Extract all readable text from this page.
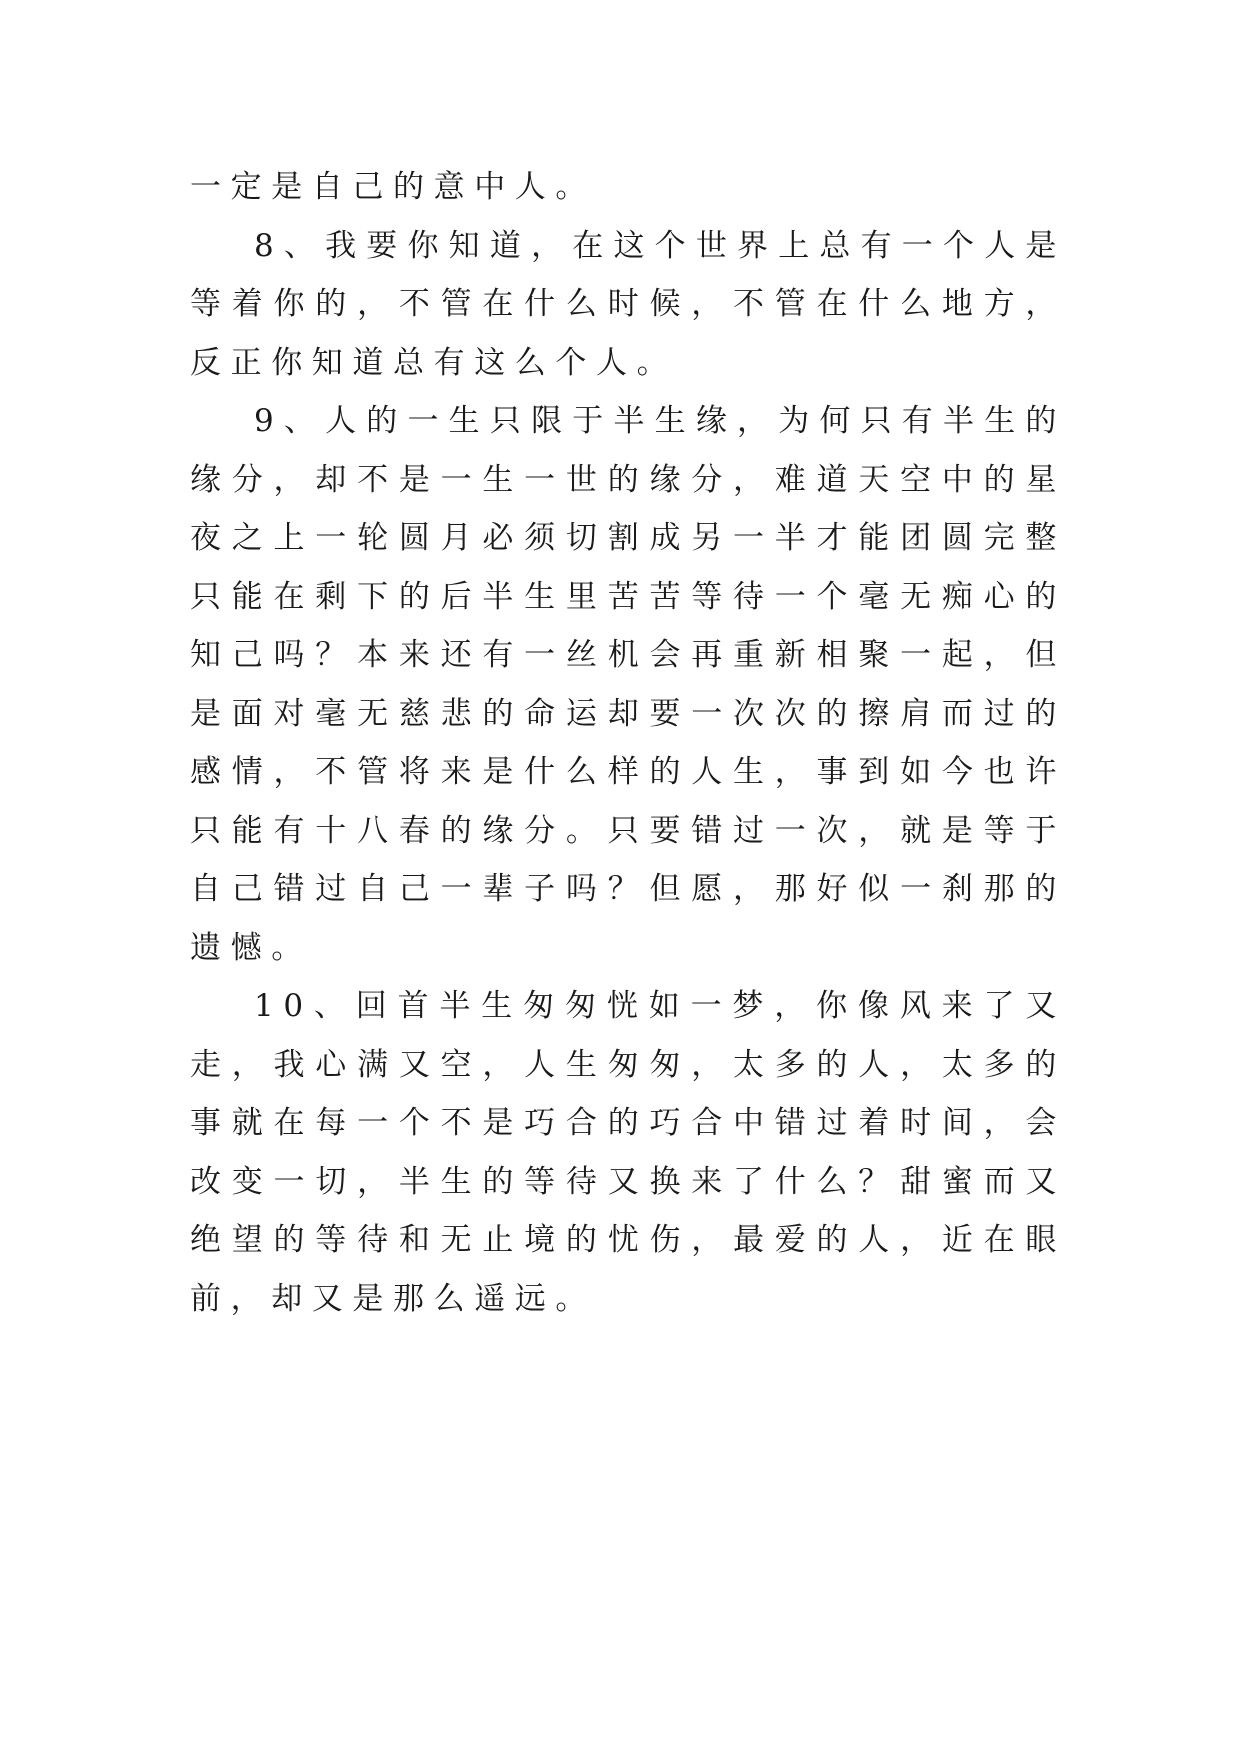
一定是自己的意中人。

8、我要你知道，在这个世界上总有一个人是等着你的，不管在什么时候，不管在什么地方，反正你知道总有这么个人。

9、人的一生只限于半生缘，为何只有半生的缘分，却不是一生一世的缘分，难道天空中的星夜之上一轮圆月必须切割成另一半才能团圆完整只能在剩下的后半生里苦苦等待一个毫无痴心的知己吗？本来还有一丝机会再重新相聚一起，但是面对毫无慈悲的命运却要一次次的擦肩而过的感情，不管将来是什么样的人生，事到如今也许只能有十八春的缘分。只要错过一次，就是等于自己错过自己一辈子吗？但愿，那好似一刹那的遗憾。

10、回首半生匆匆恍如一梦，你像风来了又走，我心满又空，人生匆匆，太多的人，太多的事就在每一个不是巧合的巧合中错过着时间，会改变一切，半生的等待又换来了什么？甜蜜而又绝望的等待和无止境的忧伤，最爱的人，近在眼前，却又是那么遥远。
